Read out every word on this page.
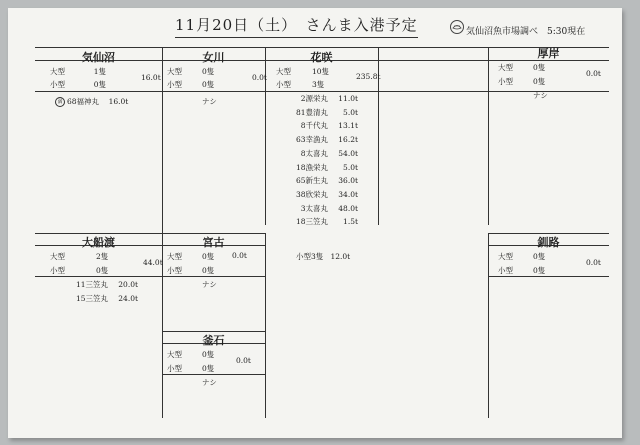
11月20日（土）　さんま入港予定	気仙沼魚市場調べ　5:30現在
気仙沼
大型	1隻
小型	0隻
16.0t
満 68福神丸 16.0t
女川
大型	0隻
小型	0隻
0.0t
ナシ
花咲
大型	10隻
小型	3隻
235.8t
2源栄丸 11.0t
81豊清丸 5.0t
8千代丸 13.1t
63幸漁丸 16.2t
8太喜丸 54.0t
18漁栄丸 5.0t
65新生丸 36.0t
38欣栄丸 34.0t
3太喜丸 48.0t
18三笠丸 1.5t
小型3隻 12.0t
厚岸
大型	0隻
小型	0隻
0.0t
ナシ
大船渡
大型	2隻
小型	0隻
44.0t
11三笠丸 20.0t
15三笠丸 24.0t
宮古
大型	0隻
小型	0隻
0.0t
ナシ
釧路
大型	0隻
小型	0隻
0.0t
釜石
大型	0隻
小型	0隻
0.0t
ナシ
